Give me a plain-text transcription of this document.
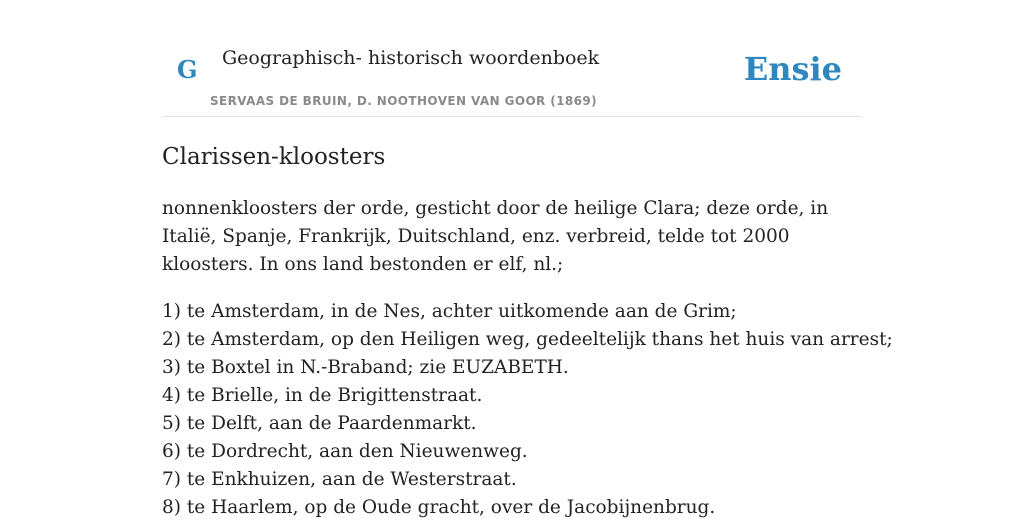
G Geographisch- historisch woordenboek
SERVAAS DE BRUIN, D. NOOTHOVEN VAN GOOR (1869)
Ensie
Clarissen-kloosters

nonnenkloosters der orde, gesticht door de heilige Clara; deze orde, in Italië, Spanje, Frankrijk, Duitschland, enz. verbreid, telde tot 2000 kloosters. In ons land bestonden er elf, nl.;

1) te Amsterdam, in de Nes, achter uitkomende aan de Grim;
2) te Amsterdam, op den Heiligen weg, gedeeltelijk thans het huis van arrest;
3) te Boxtel in N.-Braband; zie EUZABETH.
4) te Brielle, in de Brigittenstraat.
5) te Delft, aan de Paardenmarkt.
6) te Dordrecht, aan den Nieuwenweg.
7) te Enkhuizen, aan de Westerstraat.
8) te Haarlem, op de Oude gracht, over de Jacobijnenbrug.
